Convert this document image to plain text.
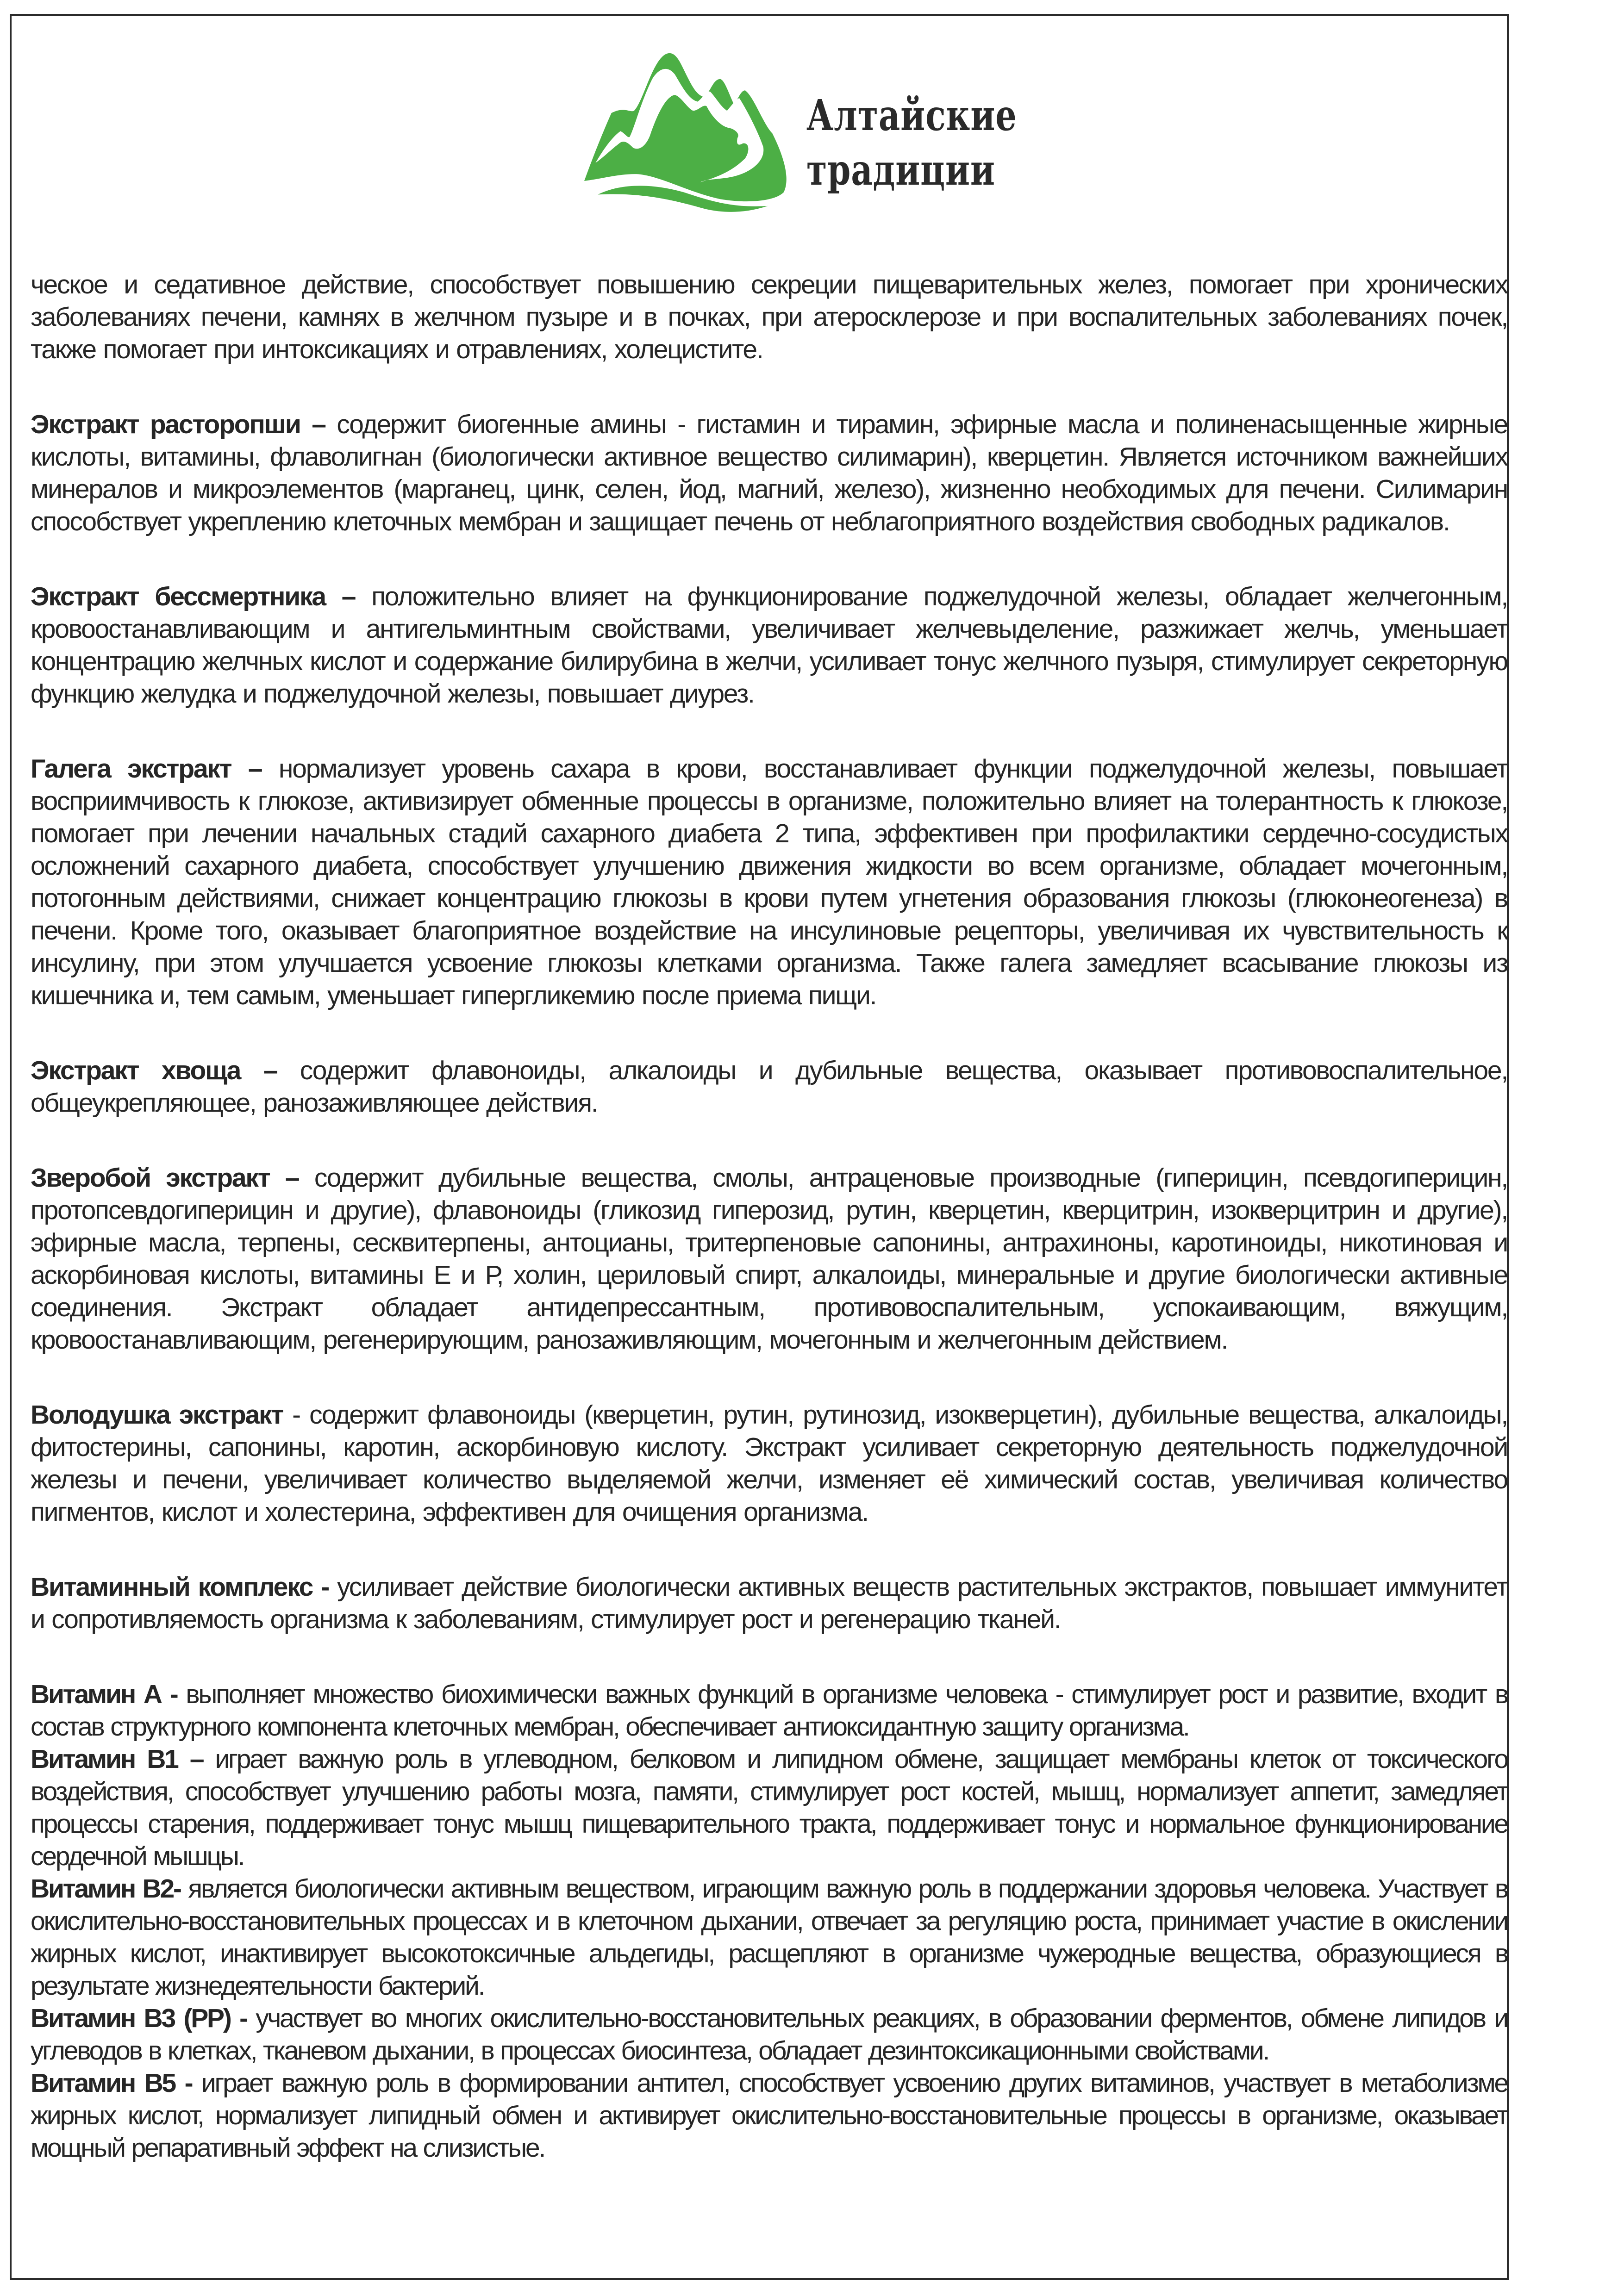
Алтайские
традиции

ческое и седативное действие, способствует повышению секреции пищеварительных желез, помогает при хронических заболеваниях печени, камнях в желчном пузыре и в почках, при атеросклерозе и при воспалительных заболеваниях почек, также помогает при интоксикациях и отравлениях, холецистите.

Экстракт расторопши – содержит биогенные амины - гистамин и тирамин, эфирные масла и полиненасыщенные жирные кислоты, витамины, флаволигнан (биологически активное вещество силимарин), кверцетин. Является источником важнейших минералов и микроэлементов (марганец, цинк, селен, йод, магний, железо), жизненно необходимых для печени. Силимарин способствует укреплению клеточных мембран и защищает печень от неблагоприятного воздействия свободных радикалов.

Экстракт бессмертника – положительно влияет на функционирование поджелудочной железы, обладает желчегонным, кровоостанавливающим и антигельминтным свойствами, увеличивает желчевыделение, разжижает желчь, уменьшает концентрацию желчных кислот и содержание билирубина в желчи, усиливает тонус желчного пузыря, стимулирует секреторную функцию желудка и поджелудочной железы, повышает диурез.

Галега экстракт – нормализует уровень сахара в крови, восстанавливает функции поджелудочной железы, повышает восприимчивость к глюкозе, активизирует обменные процессы в организме, положительно влияет на толерантность к глюкозе, помогает при лечении начальных стадий сахарного диабета 2 типа, эффективен при профилактики сердечно-сосудистых осложнений сахарного диабета, способствует улучшению движения жидкости во всем организме, обладает мочегонным, потогонным действиями, снижает концентрацию глюкозы в крови путем угнетения образования глюкозы (глюконеогенеза) в печени. Кроме того, оказывает благоприятное воздействие на инсулиновые рецепторы, увеличивая их чувствительность к инсулину, при этом улучшается усвоение глюкозы клетками организма. Также галега замедляет всасывание глюкозы из кишечника и, тем самым, уменьшает гипергликемию после приема пищи.

Экстракт хвоща – содержит флавоноиды, алкалоиды и дубильные вещества, оказывает противовоспалительное, общеукрепляющее, ранозаживляющее действия.

Зверобой экстракт – содержит дубильные вещества, смолы, антраценовые производные (гиперицин, псевдогиперицин, протопсевдогиперицин и другие), флавоноиды (гликозид гиперозид, рутин, кверцетин, кверцитрин, изокверцитрин и другие), эфирные масла, терпены, сесквитерпены, антоцианы, тритерпеновые сапонины, антрахиноны, каротиноиды, никотиновая и аскорбиновая кислоты, витамины Е и Р, холин, цериловый спирт, алкалоиды, минеральные и другие биологически активные соединения. Экстракт обладает антидепрессантным, противовоспалительным, успокаивающим, вяжущим, кровоостанавливающим, регенерирующим, ранозаживляющим, мочегонным и желчегонным действием.

Володушка экстракт - содержит флавоноиды (кверцетин, рутин, рутинозид, изокверцетин), дубильные вещества, алкалоиды, фитостерины, сапонины, каротин, аскорбиновую кислоту. Экстракт усиливает секреторную деятельность поджелудочной железы и печени, увеличивает количество выделяемой желчи, изменяет её химический состав, увеличивая количество пигментов, кислот и холестерина, эффективен для очищения организма.

Витаминный комплекс - усиливает действие биологически активных веществ растительных экстрактов, повышает иммунитет и сопротивляемость организма к заболеваниям, стимулирует рост и регенерацию тканей.

Витамин А - выполняет множество биохимически важных функций в организме человека - стимулирует рост и развитие, входит в состав структурного компонента клеточных мембран, обеспечивает антиоксидантную защиту организма.

Витамин В1 – играет важную роль в углеводном, белковом и липидном обмене, защищает мембраны клеток от токсического воздействия, способствует улучшению работы мозга, памяти, стимулирует рост костей, мышц, нормализует аппетит, замедляет процессы старения, поддерживает тонус мышц пищеварительного тракта, поддерживает тонус и нормальное функционирование сердечной мышцы.

Витамин В2- является биологически активным веществом, играющим важную роль в поддержании здоровья человека. Участвует в окислительно-восстановительных процессах и в клеточном дыхании, отвечает за регуляцию роста, принимает участие в окислении жирных кислот, инактивирует высокотоксичные альдегиды, расщепляют в организме чужеродные вещества, образующиеся в результате жизнедеятельности бактерий.

Витамин В3 (РР) - участвует во многих окислительно-восстановительных реакциях, в образовании ферментов, обмене липидов и углеводов в клетках, тканевом дыхании, в процессах биосинтеза, обладает дезинтоксикационными свойствами.

Витамин В5 - играет важную роль в формировании антител, способствует усвоению других витаминов, участвует в метаболизме жирных кислот, нормализует липидный обмен и активирует окислительно-восстановительные процессы в организме, оказывает мощный репаративный эффект на слизистые.
